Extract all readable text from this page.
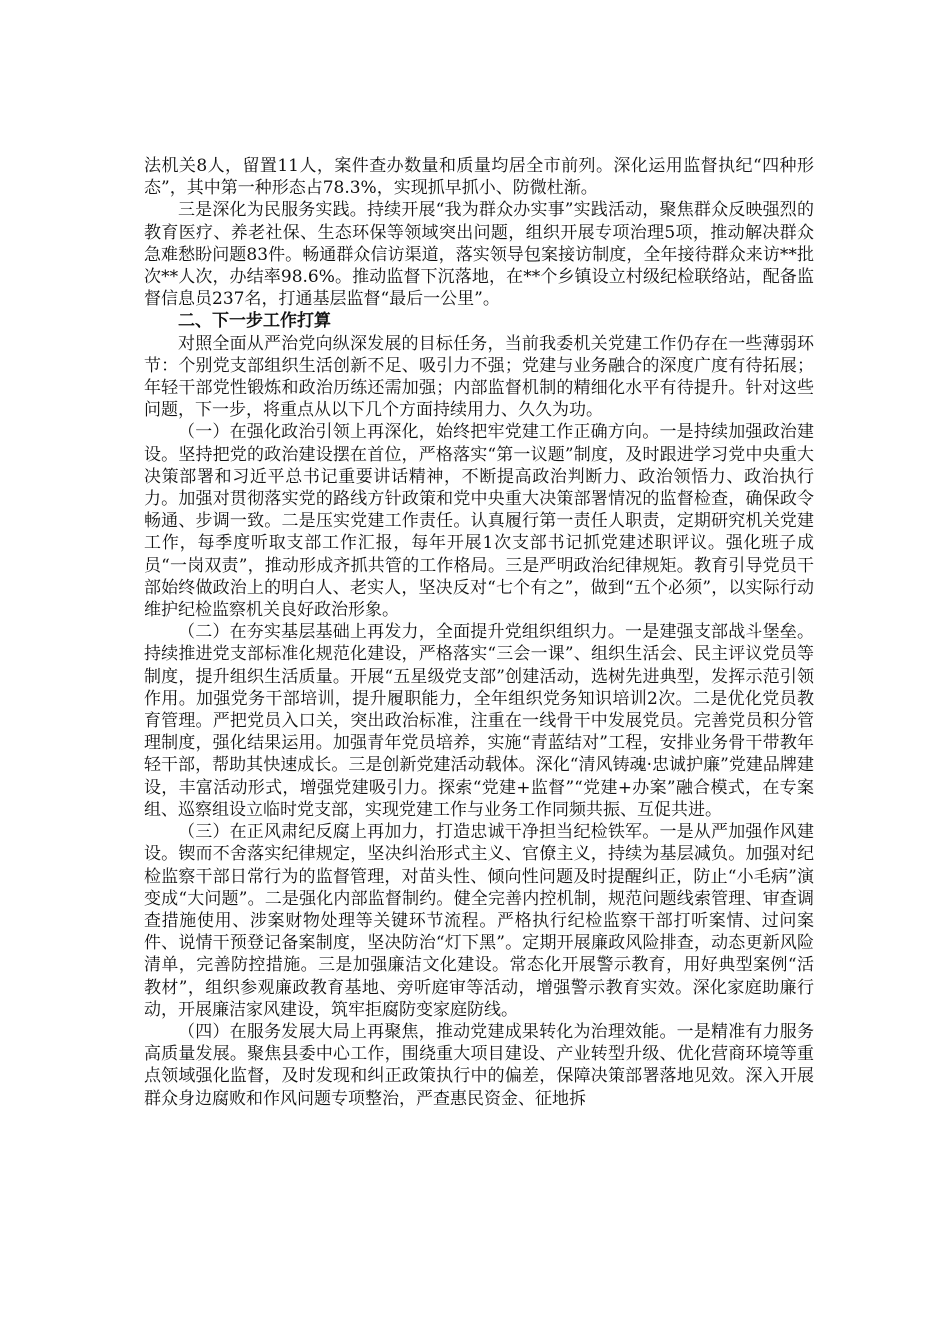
法机关8人，留置11人，案件查办数量和质量均居全市前列。深化运用监督执纪“四种形态”，其中第一种形态占78.3%，实现抓早抓小、防微杜渐。

三是深化为民服务实践。持续开展“我为群众办实事”实践活动，聚焦群众反映强烈的教育医疗、养老社保、生态环保等领域突出问题，组织开展专项治理5项，推动解决群众急难愁盼问题83件。畅通群众信访渠道，落实领导包案接访制度，全年接待群众来访**批次**人次，办结率98.6%。推动监督下沉落地，在**个乡镇设立村级纪检联络站，配备监督信息员237名，打通基层监督“最后一公里”。

二、下一步工作打算

对照全面从严治党向纵深发展的目标任务，当前我委机关党建工作仍存在一些薄弱环节：个别党支部组织生活创新不足、吸引力不强；党建与业务融合的深度广度有待拓展；年轻干部党性锻炼和政治历练还需加强；内部监督机制的精细化水平有待提升。针对这些问题，下一步，将重点从以下几个方面持续用力、久久为功。

（一）在强化政治引领上再深化，始终把牢党建工作正确方向。一是持续加强政治建设。坚持把党的政治建设摆在首位，严格落实“第一议题”制度，及时跟进学习党中央重大决策部署和习近平总书记重要讲话精神，不断提高政治判断力、政治领悟力、政治执行力。加强对贯彻落实党的路线方针政策和党中央重大决策部署情况的监督检查，确保政令畅通、步调一致。二是压实党建工作责任。认真履行第一责任人职责，定期研究机关党建工作，每季度听取支部工作汇报，每年开展1次支部书记抓党建述职评议。强化班子成员“一岗双责”，推动形成齐抓共管的工作格局。三是严明政治纪律规矩。教育引导党员干部始终做政治上的明白人、老实人，坚决反对“七个有之”，做到“五个必须”，以实际行动维护纪检监察机关良好政治形象。

（二）在夯实基层基础上再发力，全面提升党组织组织力。一是建强支部战斗堡垒。持续推进党支部标准化规范化建设，严格落实“三会一课”、组织生活会、民主评议党员等制度，提升组织生活质量。开展“五星级党支部”创建活动，选树先进典型，发挥示范引领作用。加强党务干部培训，提升履职能力，全年组织党务知识培训2次。二是优化党员教育管理。严把党员入口关，突出政治标准，注重在一线骨干中发展党员。完善党员积分管理制度，强化结果运用。加强青年党员培养，实施“青蓝结对”工程，安排业务骨干带教年轻干部，帮助其快速成长。三是创新党建活动载体。深化“清风铸魂·忠诚护廉”党建品牌建设，丰富活动形式，增强党建吸引力。探索“党建+监督”“党建+办案”融合模式，在专案组、巡察组设立临时党支部，实现党建工作与业务工作同频共振、互促共进。

（三）在正风肃纪反腐上再加力，打造忠诚干净担当纪检铁军。一是从严加强作风建设。锲而不舍落实纪律规定，坚决纠治形式主义、官僚主义，持续为基层减负。加强对纪检监察干部日常行为的监督管理，对苗头性、倾向性问题及时提醒纠正，防止“小毛病”演变成“大问题”。二是强化内部监督制约。健全完善内控机制，规范问题线索管理、审查调查措施使用、涉案财物处理等关键环节流程。严格执行纪检监察干部打听案情、过问案件、说情干预登记备案制度，坚决防治“灯下黑”。定期开展廉政风险排查，动态更新风险清单，完善防控措施。三是加强廉洁文化建设。常态化开展警示教育，用好典型案例“活教材”，组织参观廉政教育基地、旁听庭审等活动，增强警示教育实效。深化家庭助廉行动，开展廉洁家风建设，筑牢拒腐防变家庭防线。

（四）在服务发展大局上再聚焦，推动党建成果转化为治理效能。一是精准有力服务高质量发展。聚焦县委中心工作，围绕重大项目建设、产业转型升级、优化营商环境等重点领域强化监督，及时发现和纠正政策执行中的偏差，保障决策部署落地见效。深入开展群众身边腐败和作风问题专项整治，严查惠民资金、征地拆
